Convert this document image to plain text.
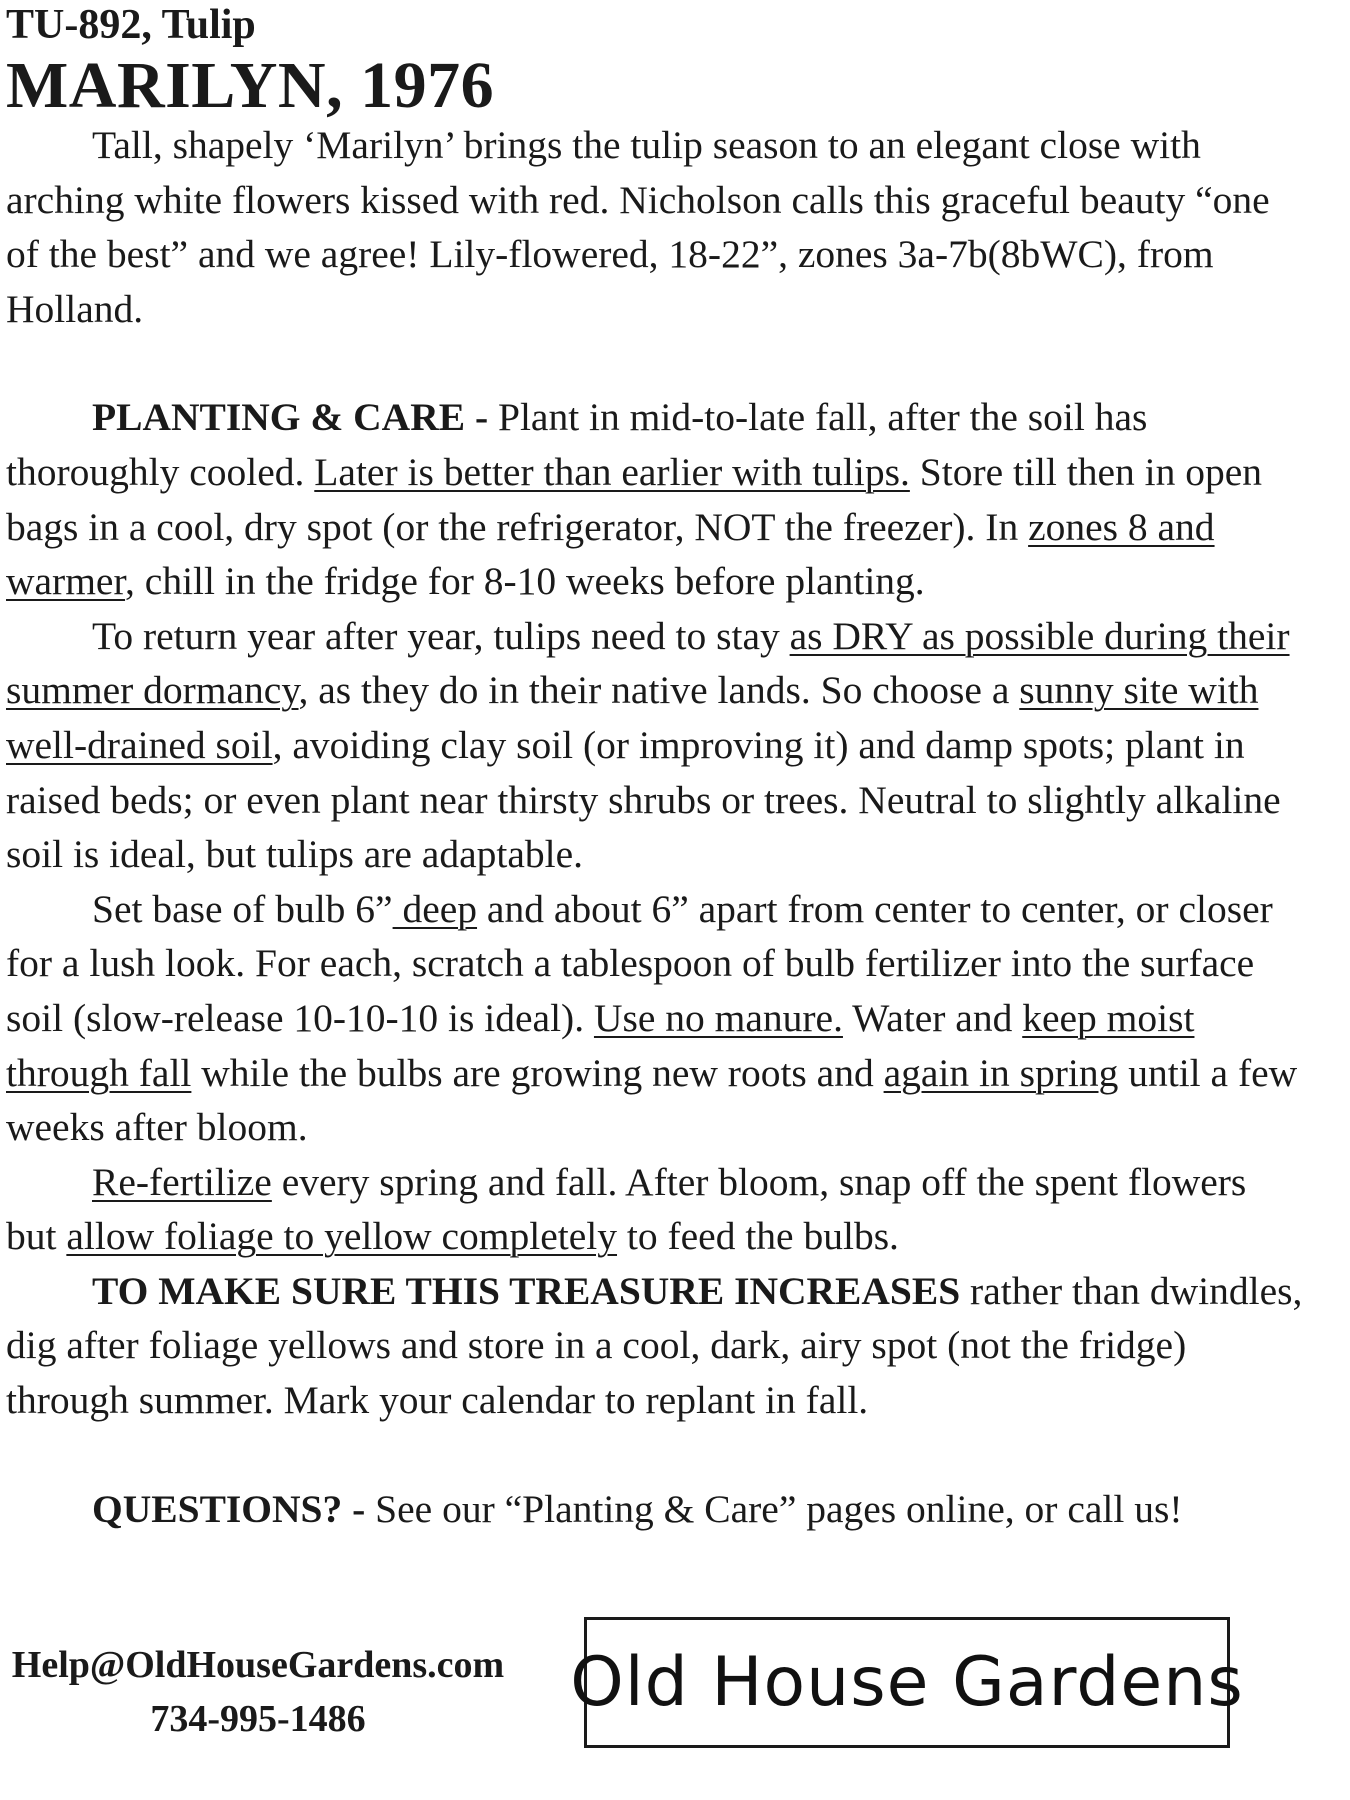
TU-892, Tulip

MARILYN, 1976

Tall, shapely ‘Marilyn’ brings the tulip season to an elegant close with arching white flowers kissed with red. Nicholson calls this graceful beauty “one of the best” and we agree! Lily-flowered, 18-22”, zones 3a-7b(8bWC), from Holland.

PLANTING & CARE - Plant in mid-to-late fall, after the soil has thoroughly cooled. Later is better than earlier with tulips. Store till then in open bags in a cool, dry spot (or the refrigerator, NOT the freezer). In zones 8 and warmer, chill in the fridge for 8-10 weeks before planting.

To return year after year, tulips need to stay as DRY as possible during their summer dormancy, as they do in their native lands. So choose a sunny site with well-drained soil, avoiding clay soil (or improving it) and damp spots; plant in raised beds; or even plant near thirsty shrubs or trees. Neutral to slightly alkaline soil is ideal, but tulips are adaptable.

Set base of bulb 6” deep and about 6” apart from center to center, or closer for a lush look. For each, scratch a tablespoon of bulb fertilizer into the surface soil (slow-release 10-10-10 is ideal). Use no manure. Water and keep moist through fall while the bulbs are growing new roots and again in spring until a few weeks after bloom.

Re-fertilize every spring and fall. After bloom, snap off the spent flowers but allow foliage to yellow completely to feed the bulbs.

TO MAKE SURE THIS TREASURE INCREASES rather than dwindles, dig after foliage yellows and store in a cool, dark, airy spot (not the fridge) through summer. Mark your calendar to replant in fall.

QUESTIONS? - See our “Planting & Care” pages online, or call us!

Help@OldHouseGardens.com
734-995-1486	Old House Gardens
